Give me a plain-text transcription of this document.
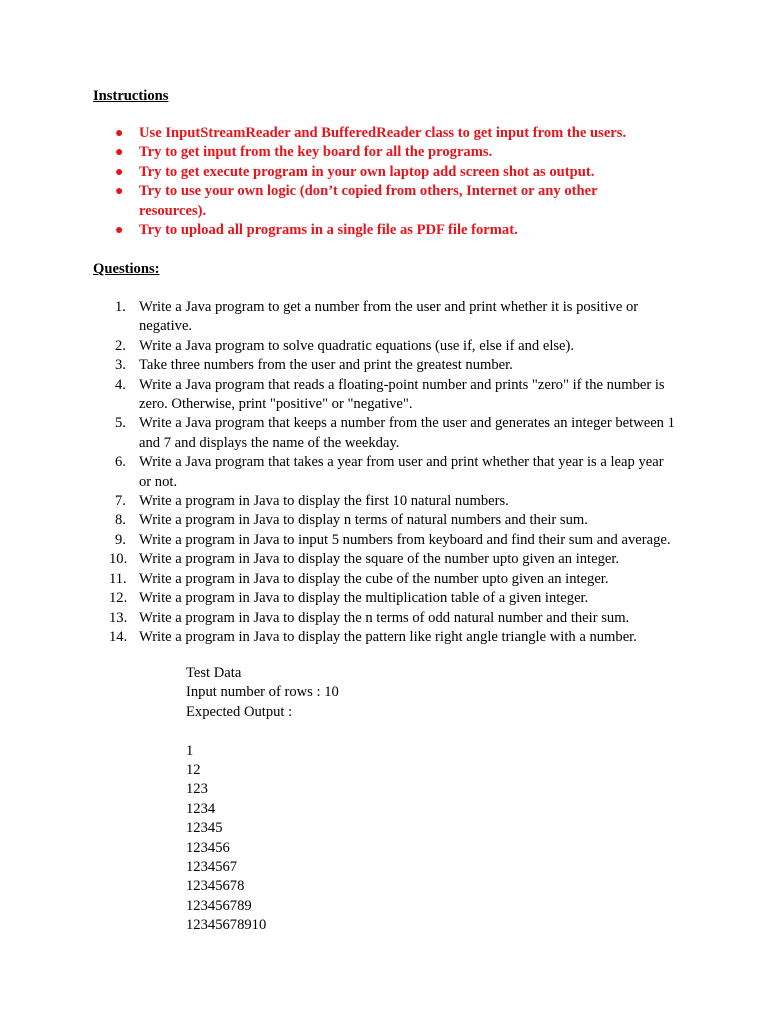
Instructions
● Use InputStreamReader and BufferedReader class to get input from the users.
● Try to get input from the key board for all the programs.
● Try to get execute program in your own laptop add screen shot as output.
● Try to use your own logic (don’t copied from others, Internet or any other resources).
● Try to upload all programs in a single file as PDF file format.
Questions:
1. Write a Java program to get a number from the user and print whether it is positive or negative.
2. Write a Java program to solve quadratic equations (use if, else if and else).
3. Take three numbers from the user and print the greatest number.
4. Write a Java program that reads a floating-point number and prints "zero" if the number is zero. Otherwise, print "positive" or "negative".
5. Write a Java program that keeps a number from the user and generates an integer between 1 and 7 and displays the name of the weekday.
6. Write a Java program that takes a year from user and print whether that year is a leap year or not.
7. Write a program in Java to display the first 10 natural numbers.
8. Write a program in Java to display n terms of natural numbers and their sum.
9. Write a program in Java to input 5 numbers from keyboard and find their sum and average.
10. Write a program in Java to display the square of the number upto given an integer.
11. Write a program in Java to display the cube of the number upto given an integer.
12. Write a program in Java to display the multiplication table of a given integer.
13. Write a program in Java to display the n terms of odd natural number and their sum.
14. Write a program in Java to display the pattern like right angle triangle with a number.
Test Data
Input number of rows : 10
Expected Output :
1
12
123
1234
12345
123456
1234567
12345678
123456789
12345678910
